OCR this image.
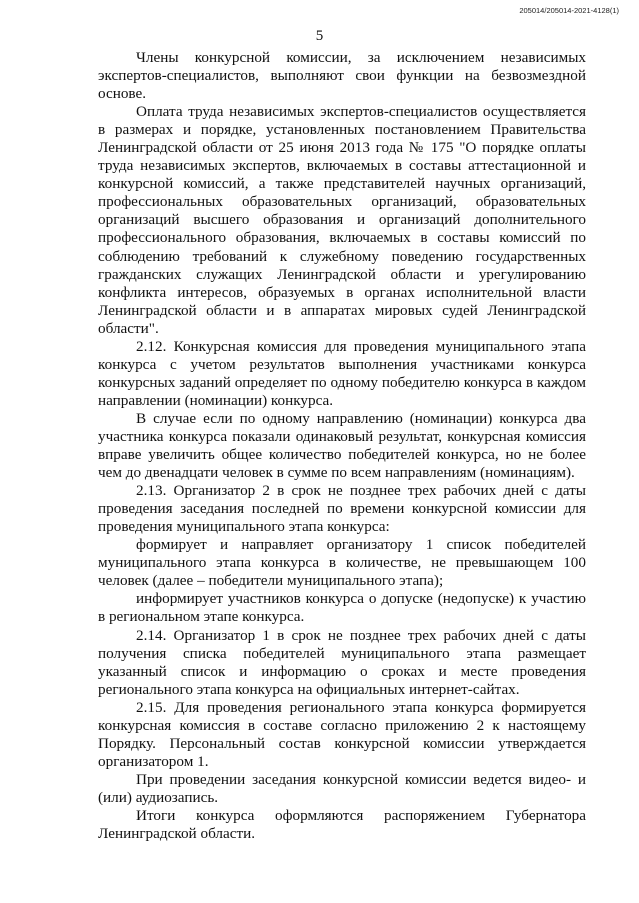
205014/205014-2021-4128(1)
5

Члены конкурсной комиссии, за исключением независимых экспертов-специалистов, выполняют свои функции на безвозмездной основе.

Оплата труда независимых экспертов-специалистов осуществляется в размерах и порядке, установленных постановлением Правительства Ленинградской области от 25 июня 2013 года № 175 "О порядке оплаты труда независимых экспертов, включаемых в составы аттестационной и конкурсной комиссий, а также представителей научных организаций, профессиональных образовательных организаций, образовательных организаций высшего образования и организаций дополнительного профессионального образования, включаемых в составы комиссий по соблюдению требований к служебному поведению государственных гражданских служащих Ленинградской области и урегулированию конфликта интересов, образуемых в органах исполнительной власти Ленинградской области и в аппаратах мировых судей Ленинградской области".

2.12. Конкурсная комиссия для проведения муниципального этапа конкурса с учетом результатов выполнения участниками конкурса конкурсных заданий определяет по одному победителю конкурса в каждом направлении (номинации) конкурса.

В случае если по одному направлению (номинации) конкурса два участника конкурса показали одинаковый результат, конкурсная комиссия вправе увеличить общее количество победителей конкурса, но не более чем до двенадцати человек в сумме по всем направлениям (номинациям).

2.13. Организатор 2 в срок не позднее трех рабочих дней с даты проведения заседания последней по времени конкурсной комиссии для проведения муниципального этапа конкурса:

формирует и направляет организатору 1 список победителей муниципального этапа конкурса в количестве, не превышающем 100 человек (далее – победители муниципального этапа);

информирует участников конкурса о допуске (недопуске) к участию в региональном этапе конкурса.

2.14. Организатор 1 в срок не позднее трех рабочих дней с даты получения списка победителей муниципального этапа размещает указанный список и информацию о сроках и месте проведения регионального этапа конкурса на официальных интернет-сайтах.

2.15. Для проведения регионального этапа конкурса формируется конкурсная комиссия в составе согласно приложению 2 к настоящему Порядку. Персональный состав конкурсной комиссии утверждается организатором 1.

При проведении заседания конкурсной комиссии ведется видео- и (или) аудиозапись.

Итоги конкурса оформляются распоряжением Губернатора Ленинградской области.
